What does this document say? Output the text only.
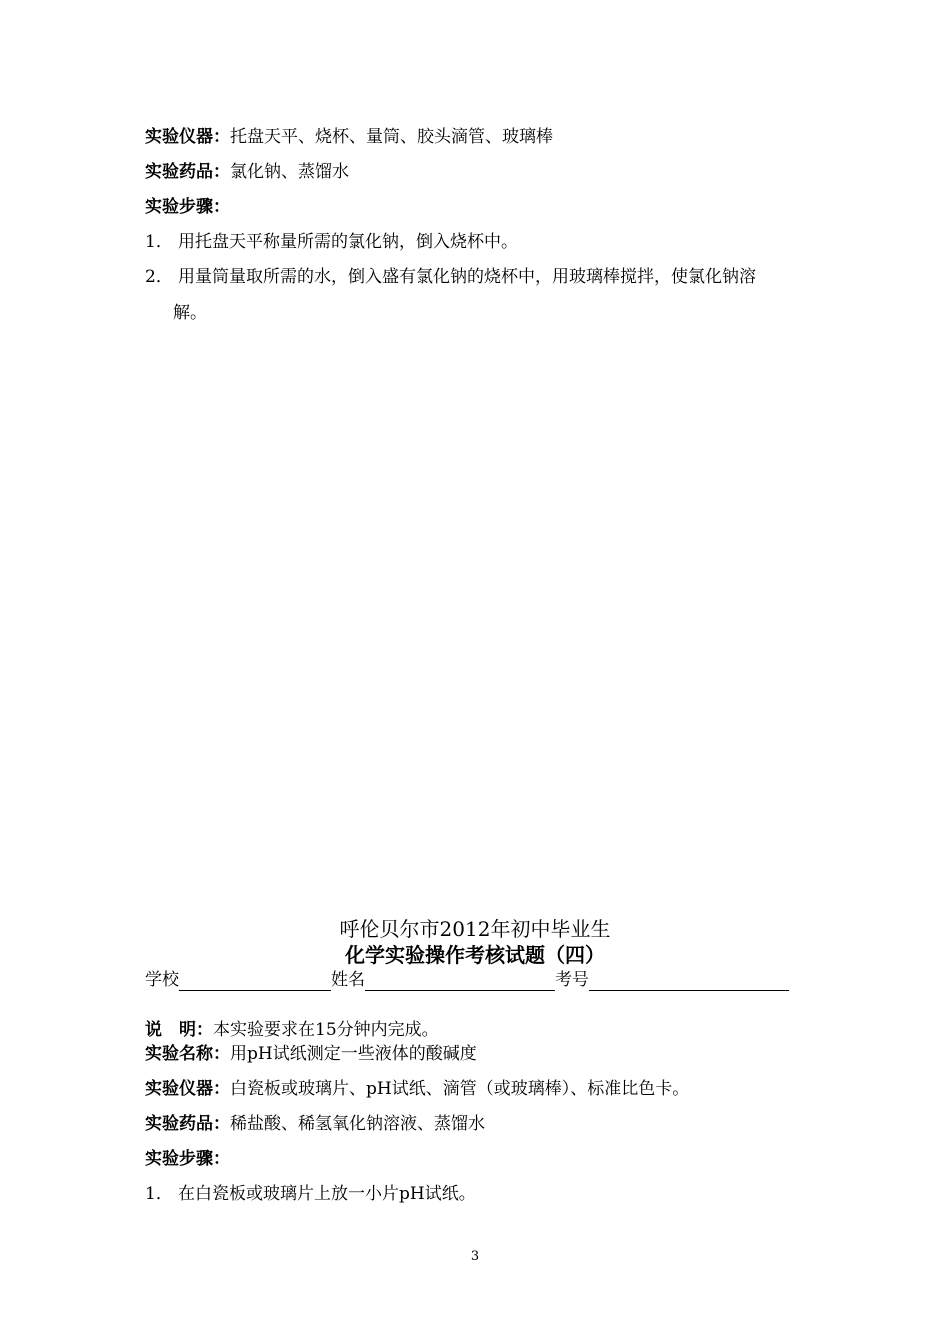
实验仪器：托盘天平、烧杯、量筒、胶头滴管、玻璃棒
实验药品：氯化钠、蒸馏水
实验步骤：
1． 用托盘天平称量所需的氯化钠，倒入烧杯中。
2． 用量筒量取所需的水，倒入盛有氯化钠的烧杯中，用玻璃棒搅拌，使氯化钠溶
解。
呼伦贝尔市2012年初中毕业生
化学实验操作考核试题（四）
学校	姓名	考号
说　明：本实验要求在15分钟内完成。
实验名称：用pH试纸测定一些液体的酸碱度
实验仪器：白瓷板或玻璃片、pH试纸、滴管（或玻璃棒）、标准比色卡。
实验药品：稀盐酸、稀氢氧化钠溶液、蒸馏水
实验步骤：
1． 在白瓷板或玻璃片上放一小片pH试纸。
3
